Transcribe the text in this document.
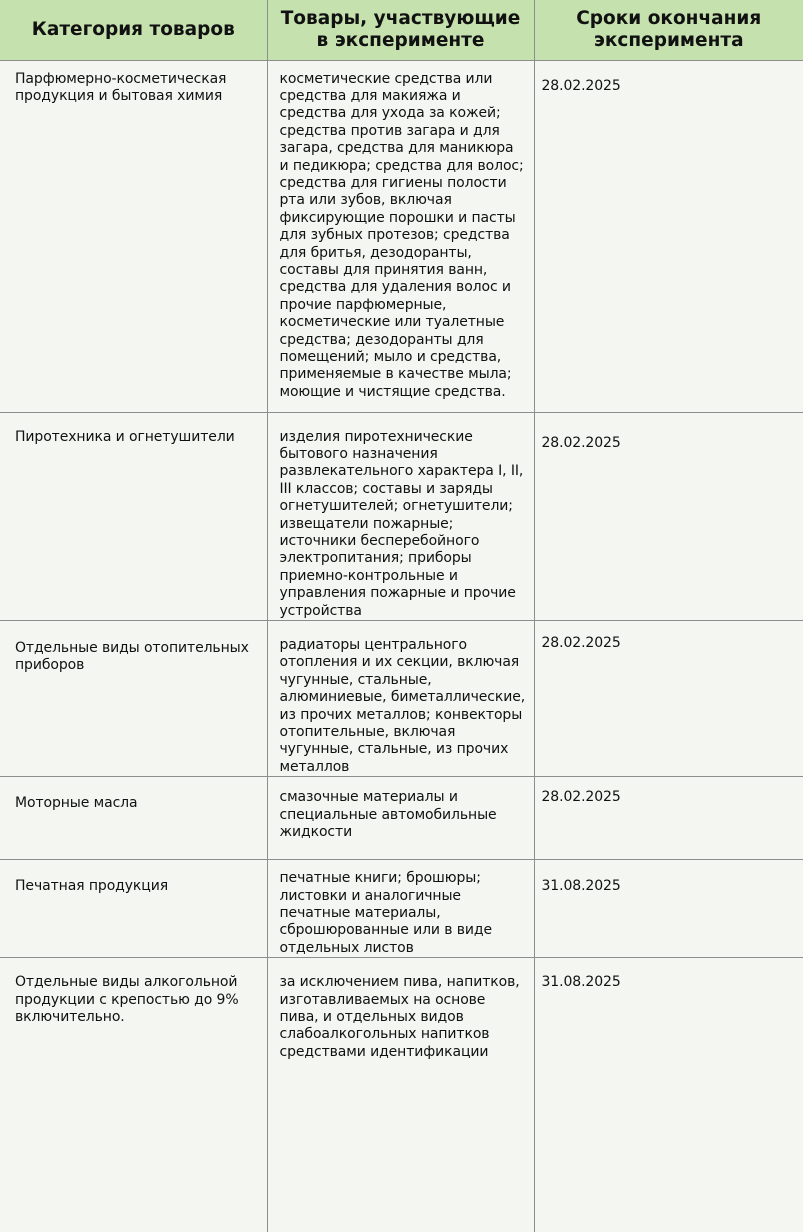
Категория товаров	Товары, участвующие в эксперименте	Сроки окончания эксперимента
Парфюмерно-косметическая продукция и бытовая химия	косметические средства или средства для макияжа и средства для ухода за кожей; средства против загара и для загара, средства для маникюра и педикюра; средства для волос; средства для гигиены полости рта или зубов, включая фиксирующие порошки и пасты для зубных протезов; средства для бритья, дезодоранты, составы для принятия ванн, средства для удаления волос и прочие парфюмерные, косметические или туалетные средства; дезодоранты для помещений; мыло и средства, применяемые в качестве мыла; моющие и чистящие средства.	28.02.2025
Пиротехника и огнетушители	изделия пиротехнические бытового назначения развлекательного характера I, II, III классов; составы и заряды огнетушителей; огнетушители; извещатели пожарные; источники бесперебойного электропитания; приборы приемно-контрольные и управления пожарные и прочие устройства	28.02.2025
Отдельные виды отопительных приборов	радиаторы центрального отопления и их секции, включая чугунные, стальные, алюминиевые, биметаллические, из прочих металлов; конвекторы отопительные, включая чугунные, стальные, из прочих металлов	28.02.2025
Моторные масла	смазочные материалы и специальные автомобильные жидкости	28.02.2025
Печатная продукция	печатные книги; брошюры; листовки и аналогичные печатные материалы, сброшюрованные или в виде отдельных листов	31.08.2025
Отдельные виды алкогольной продукции с крепостью до 9% включительно.	за исключением пива, напитков, изготавливаемых на основе пива, и отдельных видов слабоалкогольных напитков средствами идентификации	31.08.2025
